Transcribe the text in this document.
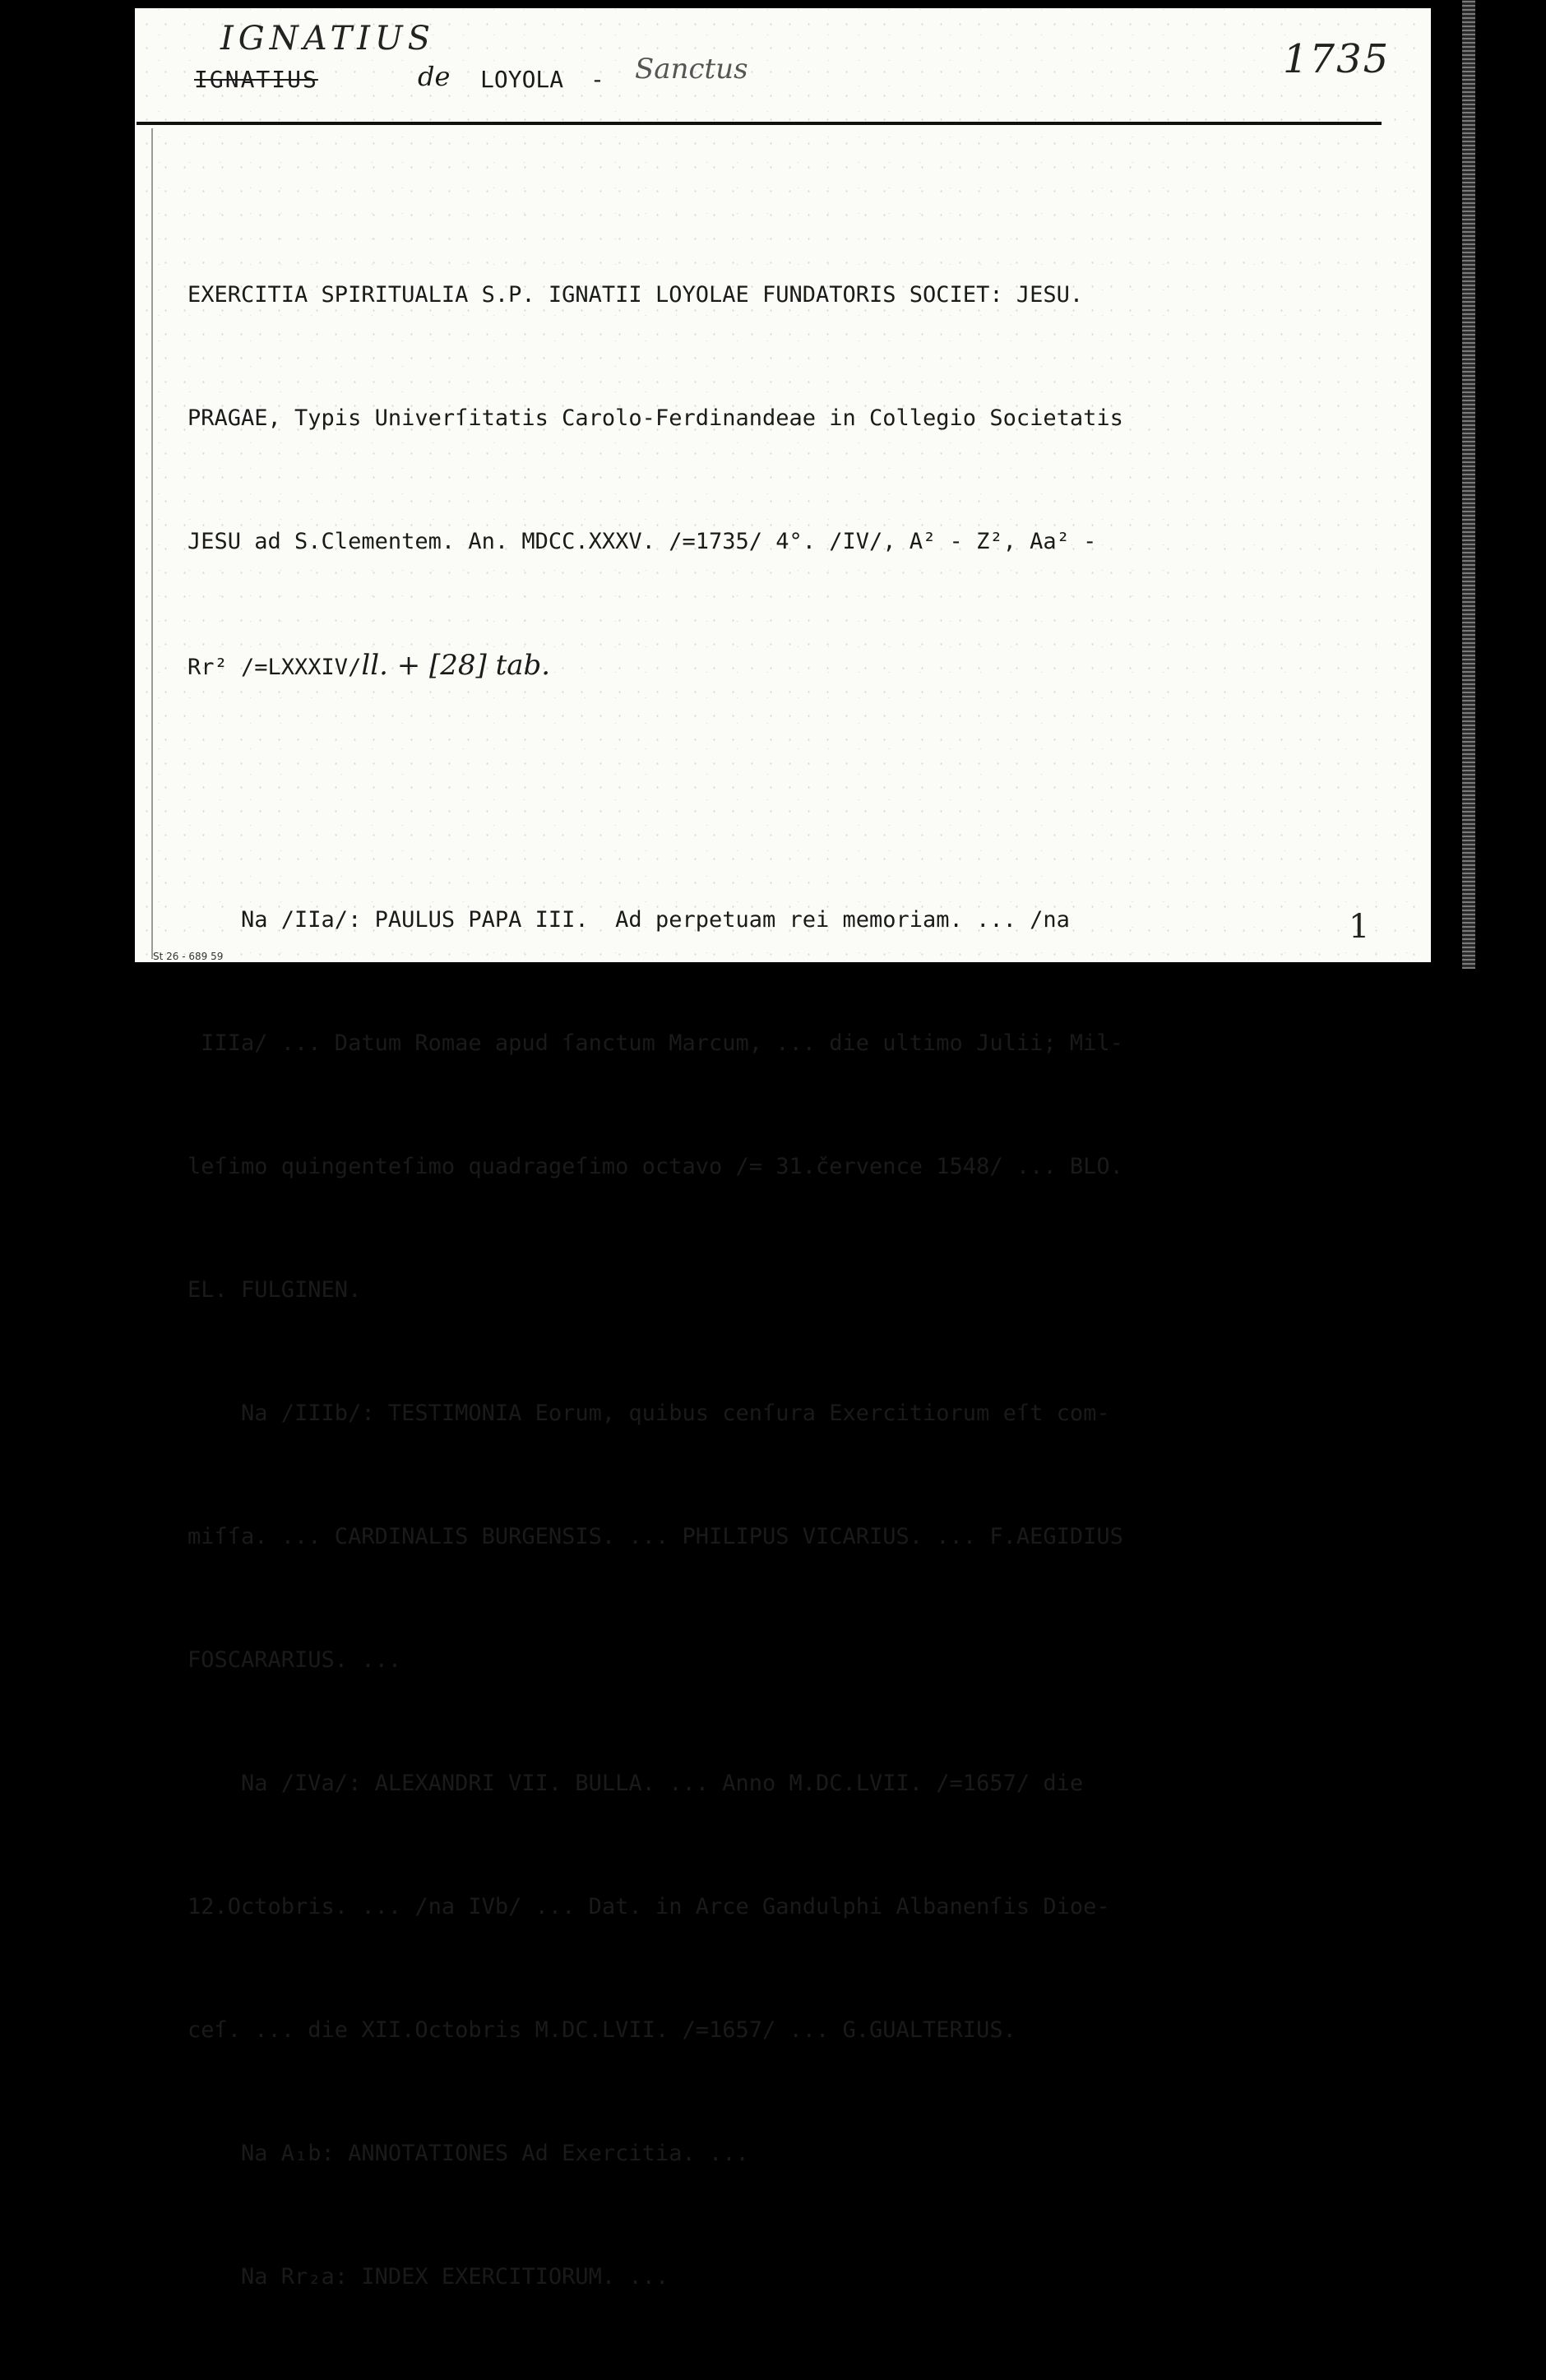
IGNATIUS	1735
IGNATIUS	de LOYOLA - Sanctus

EXERCITIA SPIRITUALIA S.P. IGNATII LOYOLAE FUNDATORIS SOCIET: JESU.

PRAGAE, Typis Univerſitatis Carolo-Ferdinandeae in Collegio Societatis

JESU ad S.Clementem. An. MDCC.XXXV. /=1735/ 4°. /IV/, A² - Z², Aa² -

Rr² /=LXXXIV/ll. + [28] tab.

Na /IIa/: PAULUS PAPA III.  Ad perpetuam rei memoriam. ... /na

IIIa/ ... Datum Romae apud ſanctum Marcum, ... die ultimo Julii; Mil-

leſimo quingenteſimo quadrageſimo octavo /= 31.července 1548/ ... BLO.

EL. FULGINEN.

Na /IIIb/: TESTIMONIA Eorum, quibus cenſura Exercitiorum eſt com-

miſſa. ... CARDINALIS BURGENSIS. ... PHILIPUS VICARIUS. ... F.AEGIDIUS

FOSCARARIUS. ...

Na /IVa/: ALEXANDRI VII. BULLA. ... Anno M.DC.LVII. /=1657/ die

12.Octobris. ... /na IVb/ ... Dat. in Arce Gandulphi Albanenſis Dioe-

ceſ. ... die XII.Octobris M.DC.LVII. /=1657/ ... G.GUALTERIUS.

Na A₁b: ANNOTATIONES Ad Exercitia. ...

Na Rr₂a: INDEX EXERCITIORUM. ...

1
St 26 - 689 59
